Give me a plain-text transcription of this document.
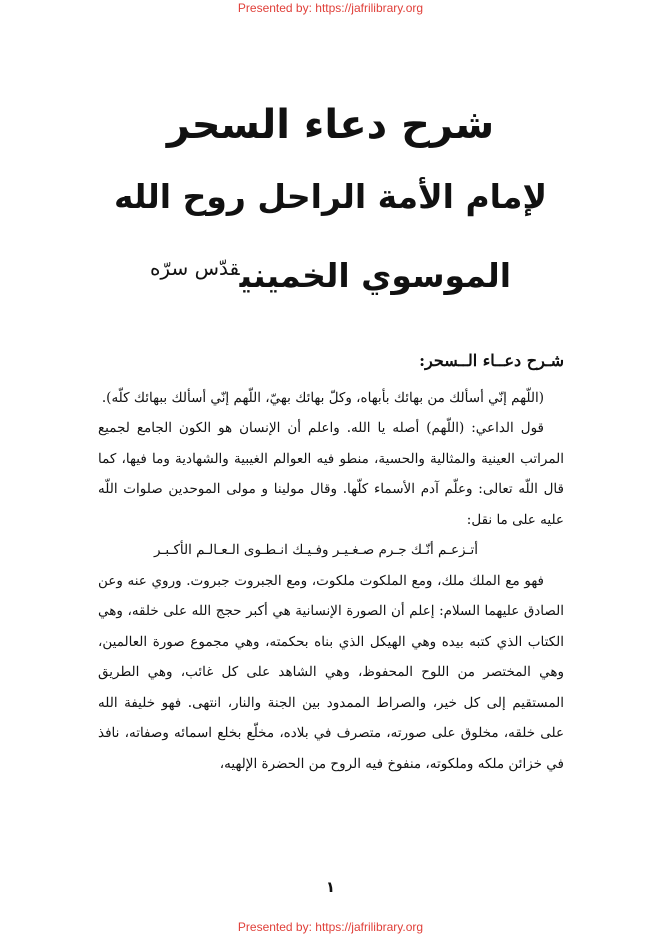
Presented by: https://jafrilibrary.org
شرح دعاء السحر
لإمام الأمة الراحل روح الله
الموسوي الخميني$^{قدّس سرّه}$

شـرح دعــاء الــسحر:

(اللّهم إنّي أسألك من بهائك بأبهاه، وكلّ بهائك بهيّ، اللّهم إنّي أسألك ببهائك كلّه).

قول الداعي: (اللّهم) أصله يا الله. واعلم أن الإنسان هو الكون الجامع لجميع المراتب العينية والمثالية والحسية، منطو فيه العوالم الغيبية والشهادية وما فيها، كما قال اللّه تعالى: وعلّم آدم الأسماء كلّها. وقال مولينا و مولى الموحدين صلوات اللّه عليه على ما نقل:

أتـزعـم أنّـك جـرم صـغـيـر وفـيـك انـطـوى الـعـالـم الأكـبـر

فهو مع الملك ملك، ومع الملكوت ملكوت، ومع الجبروت جبروت. وروي عنه وعن الصادق عليهما السلام: إعلم أن الصورة الإنسانية هي أكبر حجج الله على خلقه، وهي الكتاب الذي كتبه بيده وهي الهيكل الذي بناه بحكمته، وهي مجموع صورة العالمين، وهي المختصر من اللوح المحفوظ، وهي الشاهد على كل غائب، وهي الطريق المستقيم إلى كل خير، والصراط الممدود بين الجنة والنار، انتهى. فهو خليفة الله على خلقه، مخلوق على صورته، متصرف في بلاده، مخلّع بخلع اسمائه وصفاته، نافذ في خزائن ملكه وملكوته، منفوخ فيه الروح من الحضرة الإلهيه،

١
Presented by: https://jafrilibrary.org
